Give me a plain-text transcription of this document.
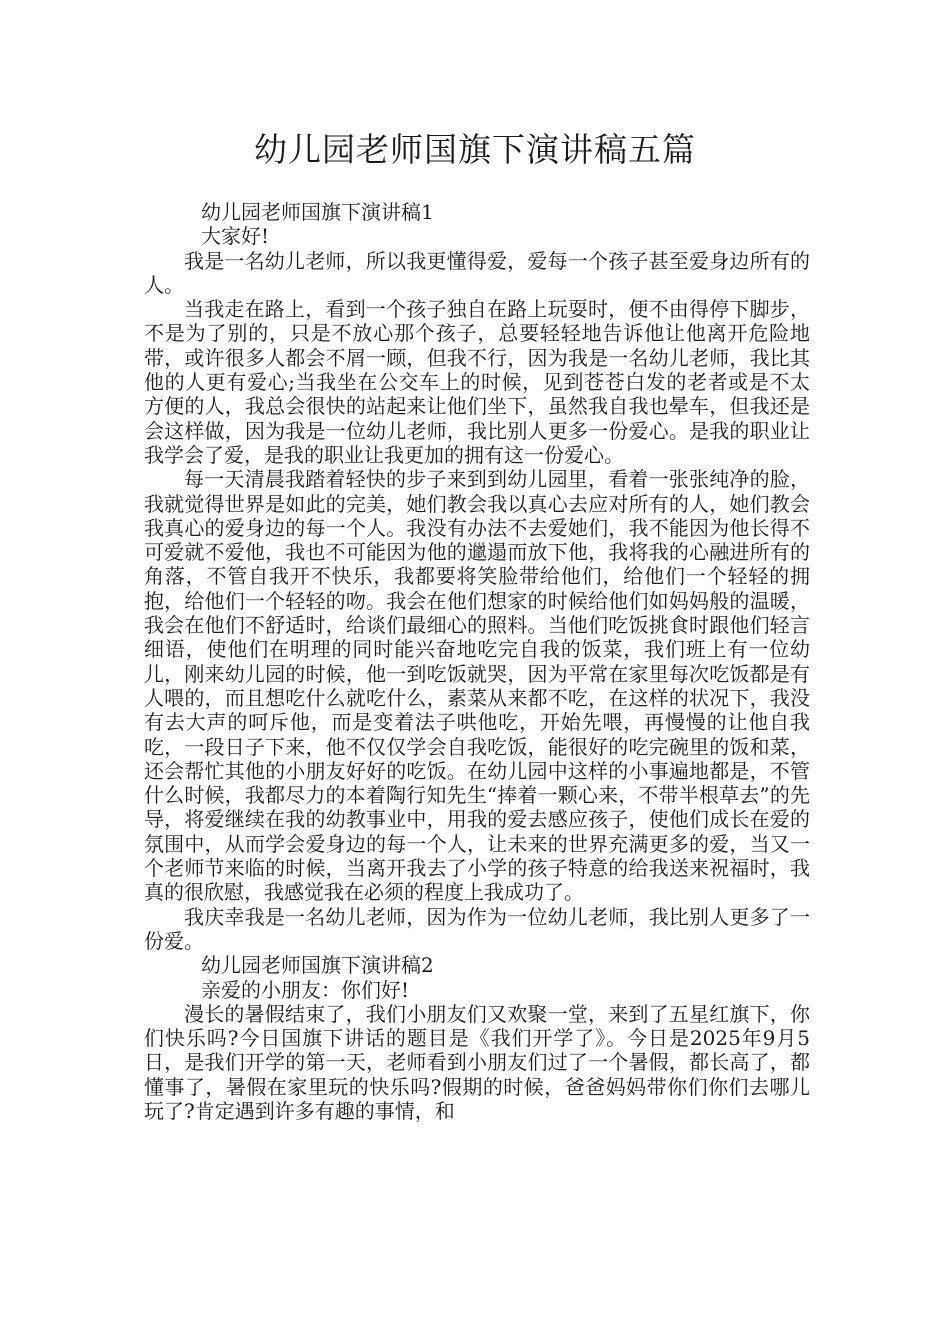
幼儿园老师国旗下演讲稿五篇

幼儿园老师国旗下演讲稿1

大家好!

我是一名幼儿老师，所以我更懂得爱，爱每一个孩子甚至爱身边所有的人。

当我走在路上，看到一个孩子独自在路上玩耍时，便不由得停下脚步，不是为了别的，只是不放心那个孩子，总要轻轻地告诉他让他离开危险地带，或许很多人都会不屑一顾，但我不行，因为我是一名幼儿老师，我比其他的人更有爱心;当我坐在公交车上的时候，见到苍苍白发的老者或是不太方便的人，我总会很快的站起来让他们坐下，虽然我自我也晕车，但我还是会这样做，因为我是一位幼儿老师，我比别人更多一份爱心。是我的职业让我学会了爱，是我的职业让我更加的拥有这一份爱心。

每一天清晨我踏着轻快的步子来到到幼儿园里，看着一张张纯净的脸，我就觉得世界是如此的完美，她们教会我以真心去应对所有的人，她们教会我真心的爱身边的每一个人。我没有办法不去爱她们，我不能因为他长得不可爱就不爱他，我也不可能因为他的邋遢而放下他，我将我的心融进所有的角落，不管自我开不快乐，我都要将笑脸带给他们，给他们一个轻轻的拥抱，给他们一个轻轻的吻。我会在他们想家的时候给他们如妈妈般的温暖，我会在他们不舒适时，给谈们最细心的照料。当他们吃饭挑食时跟他们轻言细语，使他们在明理的同时能兴奋地吃完自我的饭菜，我们班上有一位幼儿，刚来幼儿园的时候，他一到吃饭就哭，因为平常在家里每次吃饭都是有人喂的，而且想吃什么就吃什么，素菜从来都不吃，在这样的状况下，我没有去大声的呵斥他，而是变着法子哄他吃，开始先喂，再慢慢的让他自我吃，一段日子下来，他不仅仅学会自我吃饭，能很好的吃完碗里的饭和菜，还会帮忙其他的小朋友好好的吃饭。在幼儿园中这样的小事遍地都是，不管什么时候，我都尽力的本着陶行知先生“捧着一颗心来，不带半根草去”的先导，将爱继续在我的幼教事业中，用我的爱去感应孩子，使他们成长在爱的氛围中，从而学会爱身边的每一个人，让未来的世界充满更多的爱，当又一个老师节来临的时候，当离开我去了小学的孩子特意的给我送来祝福时，我真的很欣慰，我感觉我在必须的程度上我成功了。

我庆幸我是一名幼儿老师，因为作为一位幼儿老师，我比别人更多了一份爱。

幼儿园老师国旗下演讲稿2

亲爱的小朋友：你们好!

漫长的暑假结束了，我们小朋友们又欢聚一堂，来到了五星红旗下，你们快乐吗?今日国旗下讲话的题目是《我们开学了》。今日是2025年9月5日，是我们开学的第一天，老师看到小朋友们过了一个暑假，都长高了，都懂事了，暑假在家里玩的快乐吗?假期的时候，爸爸妈妈带你们你们去哪儿玩了?肯定遇到许多有趣的事情，和
